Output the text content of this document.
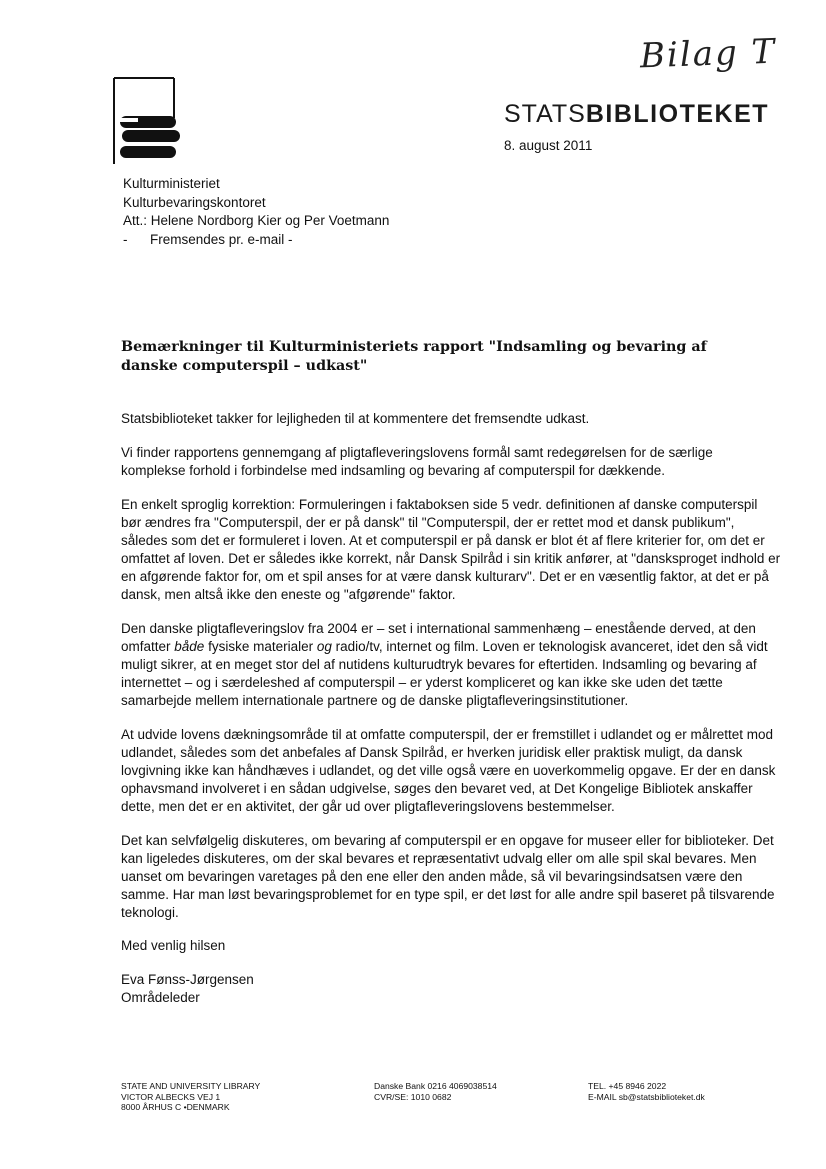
Bilag T
STATSBIBLIOTEKET
8. august 2011
Kulturministeriet
Kulturbevaringskontoret
Att.: Helene Nordborg Kier og Per Voetmann
-      Fremsendes pr. e-mail -
Bemærkninger til Kulturministeriets rapport "Indsamling og bevaring af danske computerspil – udkast"

Statsbiblioteket takker for lejligheden til at kommentere det fremsendte udkast.

Vi finder rapportens gennemgang af pligtafleveringslovens formål samt redegørelsen for de særlige komplekse forhold i forbindelse med indsamling og bevaring af computerspil for dækkende.

En enkelt sproglig korrektion: Formuleringen i faktaboksen side 5 vedr. definitionen af danske computerspil bør ændres fra "Computerspil, der er på dansk" til "Computerspil, der er rettet mod et dansk publikum", således som det er formuleret i loven. At et computerspil er på dansk er blot ét af flere kriterier for, om det er omfattet af loven. Det er således ikke korrekt, når Dansk Spilråd i sin kritik anfører, at "dansksproget indhold er en afgørende faktor for, om et spil anses for at være dansk kulturarv". Det er en væsentlig faktor, at det er på dansk, men altså ikke den eneste og "afgørende" faktor.

Den danske pligtafleveringslov fra 2004 er – set i international sammenhæng – enestående derved, at den omfatter både fysiske materialer og radio/tv, internet og film. Loven er teknologisk avanceret, idet den så vidt muligt sikrer, at en meget stor del af nutidens kulturudtryk bevares for eftertiden. Indsamling og bevaring af internettet – og i særdeleshed af computerspil – er yderst kompliceret og kan ikke ske uden det tætte samarbejde mellem internationale partnere og de danske pligtafleveringsinstitutioner.

At udvide lovens dækningsområde til at omfatte computerspil, der er fremstillet i udlandet og er målrettet mod udlandet, således som det anbefales af Dansk Spilråd, er hverken juridisk eller praktisk muligt, da dansk lovgivning ikke kan håndhæves i udlandet, og det ville også være en uoverkommelig opgave. Er der en dansk ophavsmand involveret i en sådan udgivelse, søges den bevaret ved, at Det Kongelige Bibliotek anskaffer dette, men det er en aktivitet, der går ud over pligtafleveringslovens bestemmelser.

Det kan selvfølgelig diskuteres, om bevaring af computerspil er en opgave for museer eller for biblioteker. Det kan ligeledes diskuteres, om der skal bevares et repræsentativt udvalg eller om alle spil skal bevares. Men uanset om bevaringen varetages på den ene eller den anden måde, så vil bevaringsindsatsen være den samme. Har man løst bevaringsproblemet for en type spil, er det løst for alle andre spil baseret på tilsvarende teknologi.

Med venlig hilsen
Eva Fønss-Jørgensen
Områdeleder
STATE AND UNIVERSITY LIBRARY
VICTOR ALBECKS VEJ 1
8000 ÅRHUS C •DENMARK
Danske Bank 0216 4069038514
CVR/SE: 1010 0682
TEL. +45 8946 2022
E-MAIL sb@statsbiblioteket.dk
